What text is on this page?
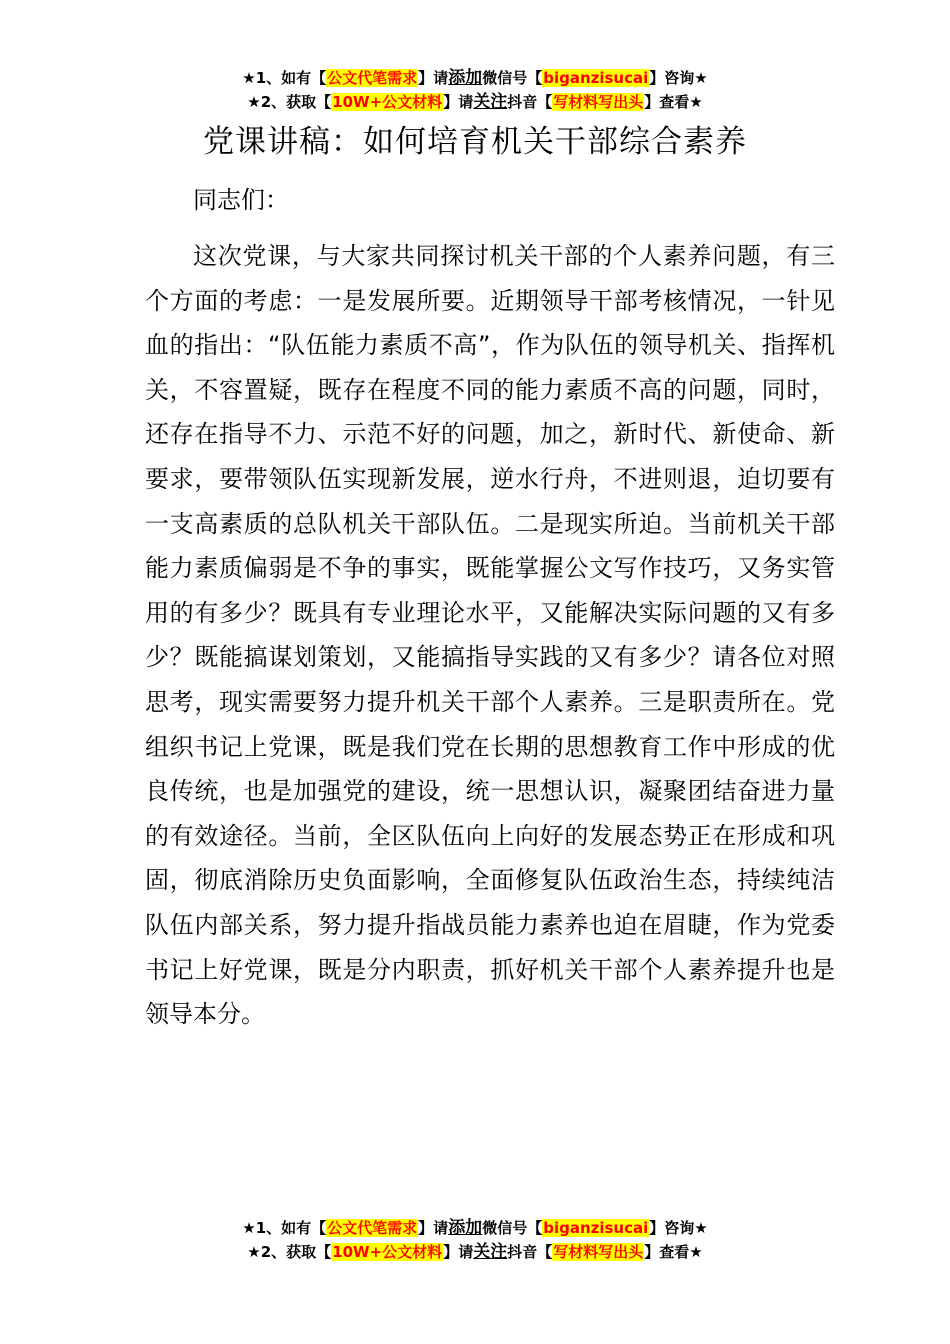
★1、如有【公文代笔需求】请添加微信号【biganzisucai】咨询★
★2、获取【10W+公文材料】请关注抖音【写材料写出头】查看★
党课讲稿：如何培育机关干部综合素养
同志们：

这次党课，与大家共同探讨机关干部的个人素养问题，有三个方面的考虑：一是发展所要。近期领导干部考核情况，一针见血的指出：“队伍能力素质不高”，作为队伍的领导机关、指挥机关，不容置疑，既存在程度不同的能力素质不高的问题，同时，还存在指导不力、示范不好的问题，加之，新时代、新使命、新要求，要带领队伍实现新发展，逆水行舟，不进则退，迫切要有一支高素质的总队机关干部队伍。二是现实所迫。当前机关干部能力素质偏弱是不争的事实，既能掌握公文写作技巧，又务实管用的有多少？既具有专业理论水平，又能解决实际问题的又有多少？既能搞谋划策划，又能搞指导实践的又有多少？请各位对照思考，现实需要努力提升机关干部个人素养。三是职责所在。党组织书记上党课，既是我们党在长期的思想教育工作中形成的优良传统，也是加强党的建设，统一思想认识，凝聚团结奋进力量的有效途径。当前，全区队伍向上向好的发展态势正在形成和巩固，彻底消除历史负面影响，全面修复队伍政治生态，持续纯洁队伍内部关系，努力提升指战员能力素养也迫在眉睫，作为党委书记上好党课，既是分内职责，抓好机关干部个人素养提升也是领导本分。

★1、如有【公文代笔需求】请添加微信号【biganzisucai】咨询★
★2、获取【10W+公文材料】请关注抖音【写材料写出头】查看★
